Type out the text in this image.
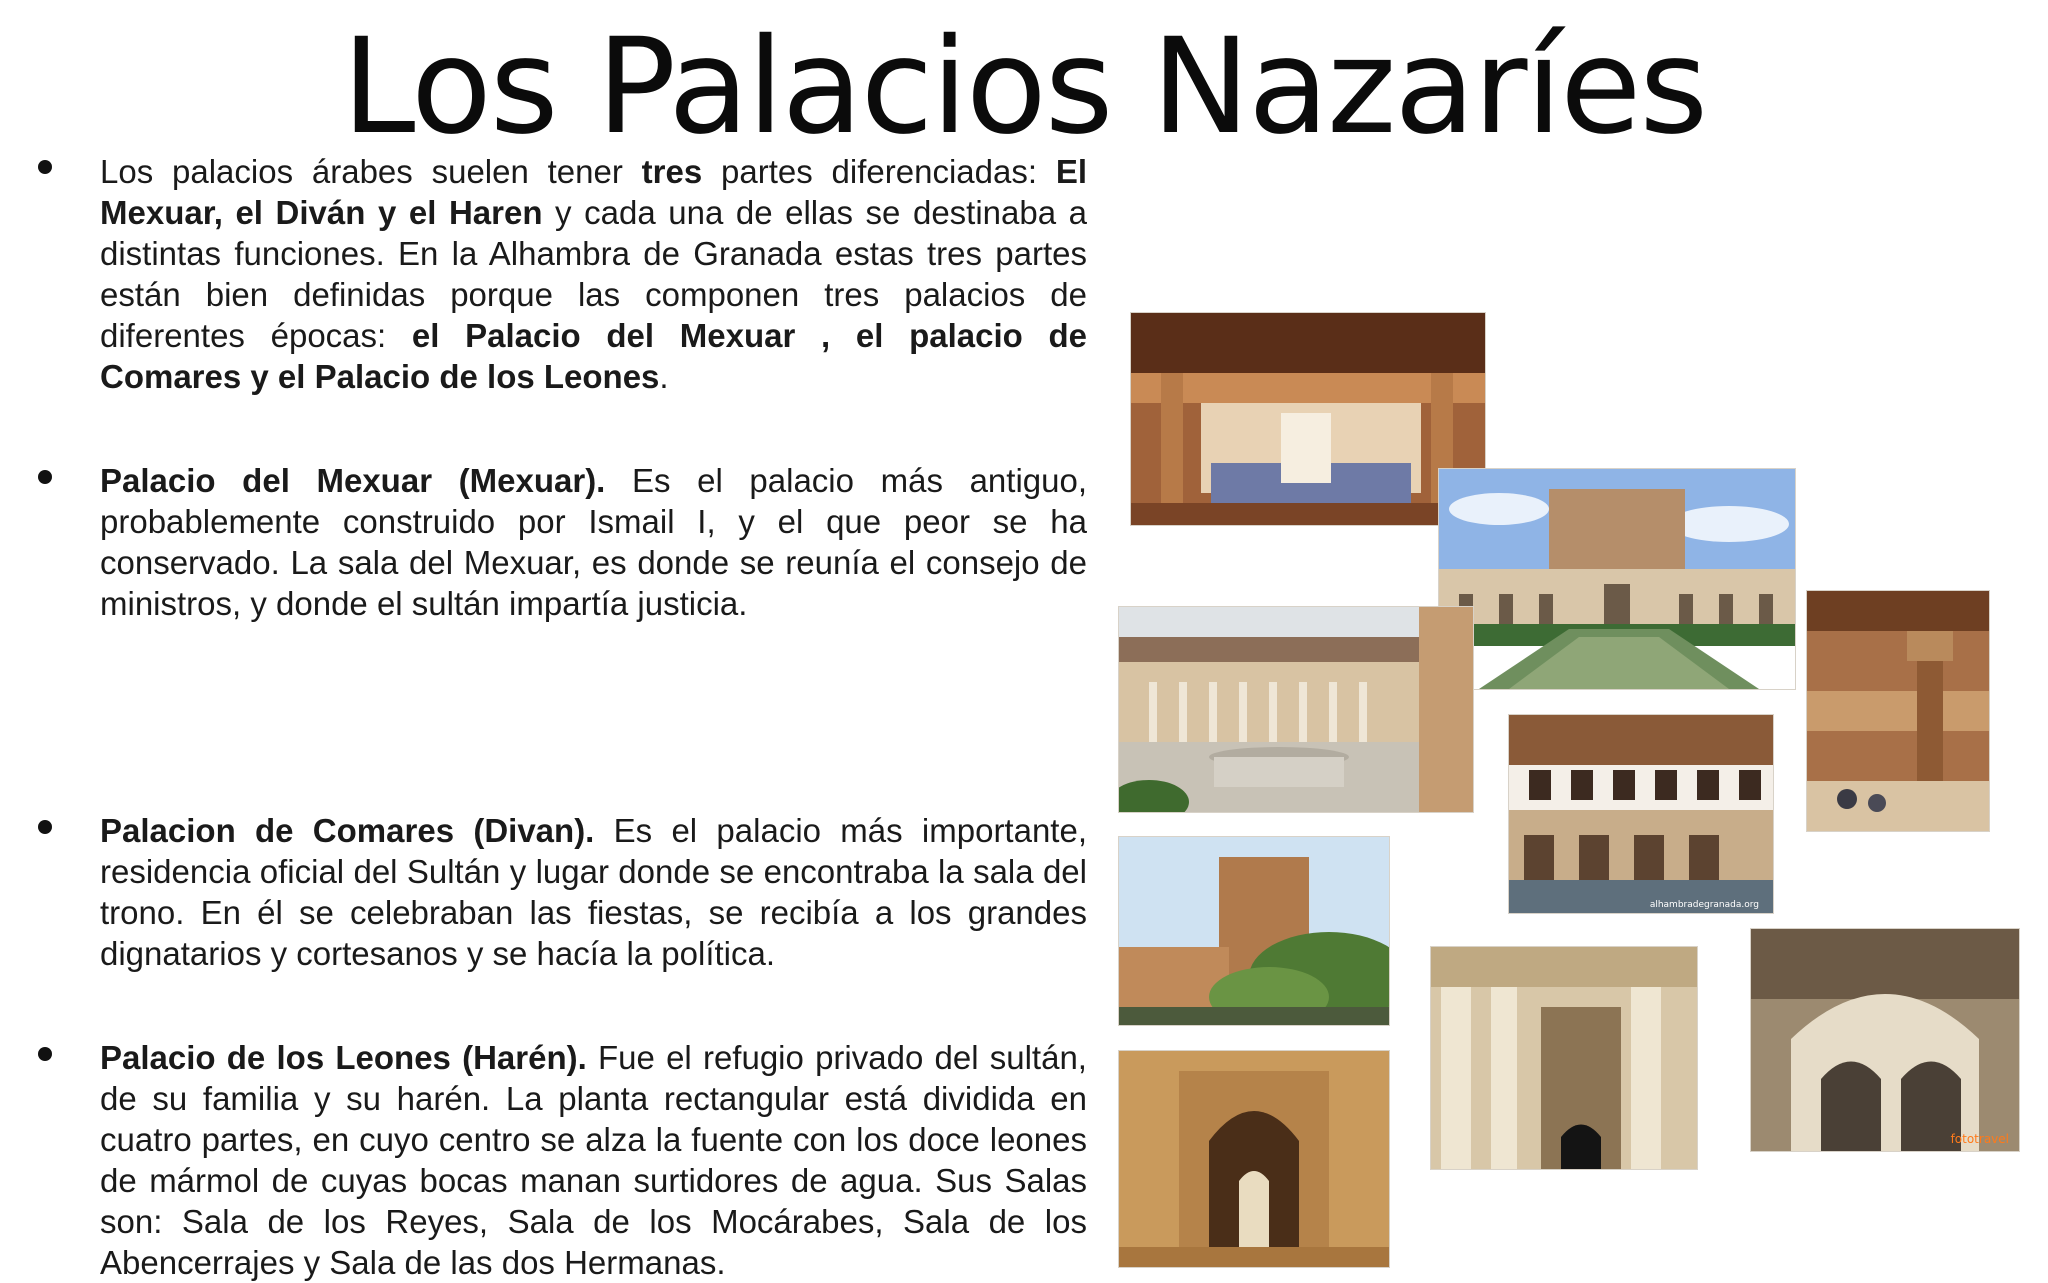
Los Palacios Nazaríes

Los palacios árabes suelen tener tres partes diferenciadas: El Mexuar, el Diván y el Haren y cada una de ellas se destinaba a distintas funciones. En la Alhambra de Granada estas tres partes están bien definidas porque las componen tres palacios de diferentes épocas: el Palacio del Mexuar , el palacio de Comares y el Palacio de los Leones.

Palacio del Mexuar (Mexuar). Es el palacio más antiguo, probablemente construido por Ismail I, y el que peor se ha conservado. La sala del Mexuar, es donde se reunía el consejo de ministros, y donde el sultán impartía justicia.

Palacion de Comares (Divan). Es el palacio más importante, residencia oficial del Sultán y lugar donde se encontraba la sala del trono. En él se celebraban las fiestas, se recibía a los grandes dignatarios y cortesanos y se hacía la política.

Palacio de los Leones (Harén). Fue el refugio privado del sultán, de su familia y su harén. La planta rectangular está dividida en cuatro partes, en cuyo centro se alza la fuente con los doce leones de mármol de cuyas bocas manan surtidores de agua. Sus Salas son: Sala de los Reyes, Sala de los Mocárabes, Sala de los Abencerrajes y Sala de las dos Hermanas.

alhambradegranada.org
fototravel
